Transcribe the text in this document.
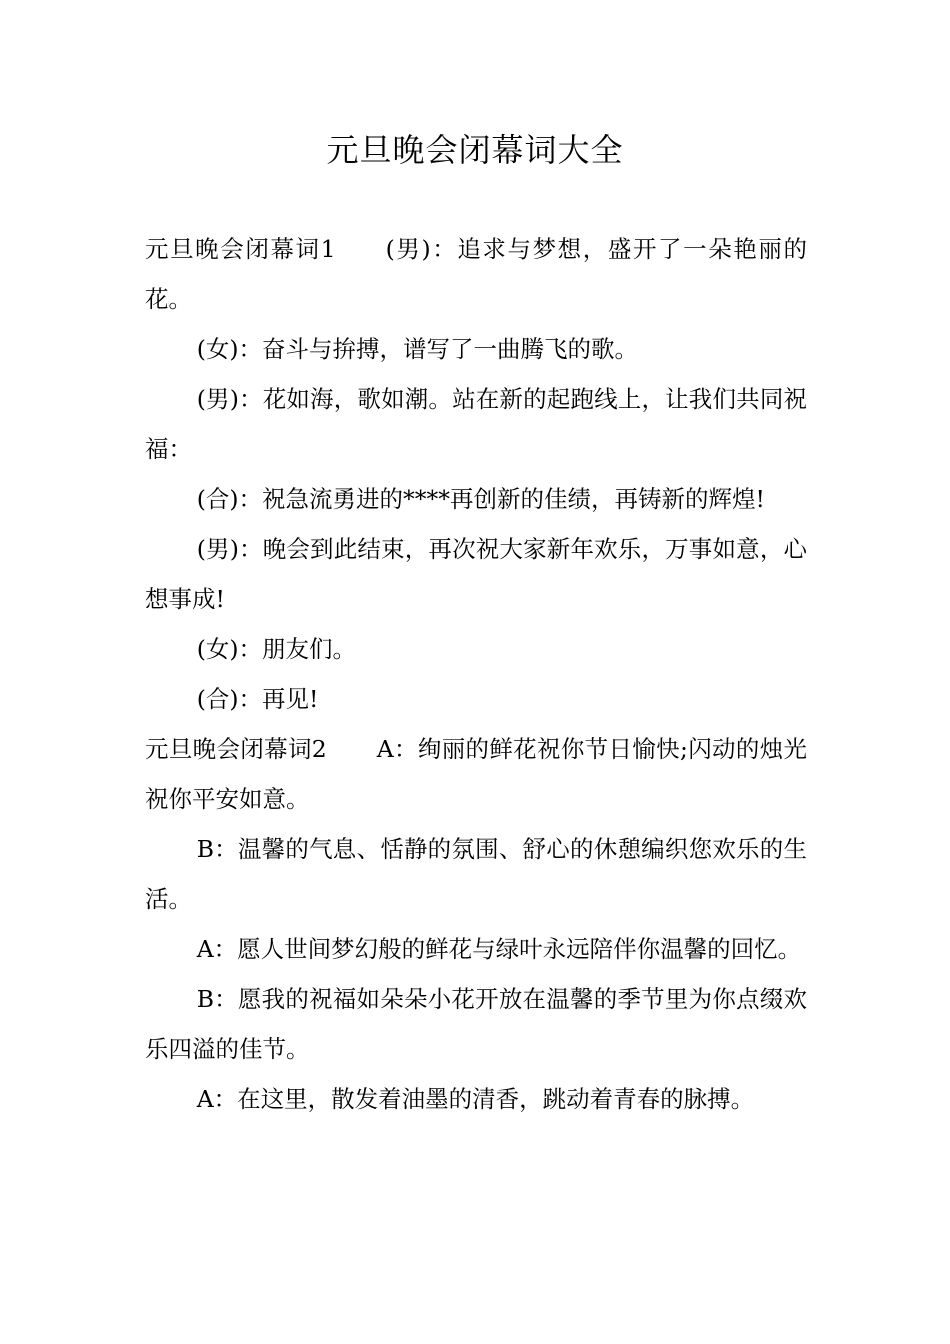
元旦晚会闭幕词大全

元旦晚会闭幕词1 (男)：追求与梦想，盛开了一朵艳丽的花。

(女)：奋斗与拚搏，谱写了一曲腾飞的歌。

(男)：花如海，歌如潮。站在新的起跑线上，让我们共同祝福：

(合)：祝急流勇进的****再创新的佳绩，再铸新的辉煌!

(男)：晚会到此结束，再次祝大家新年欢乐，万事如意，心想事成!

(女)：朋友们。

(合)：再见!

元旦晚会闭幕词2 A：绚丽的鲜花祝你节日愉快;闪动的烛光祝你平安如意。

B：温馨的气息、恬静的氛围、舒心的休憩编织您欢乐的生活。

A：愿人世间梦幻般的鲜花与绿叶永远陪伴你温馨的回忆。

B：愿我的祝福如朵朵小花开放在温馨的季节里为你点缀欢乐四溢的佳节。

A：在这里，散发着油墨的清香，跳动着青春的脉搏。
